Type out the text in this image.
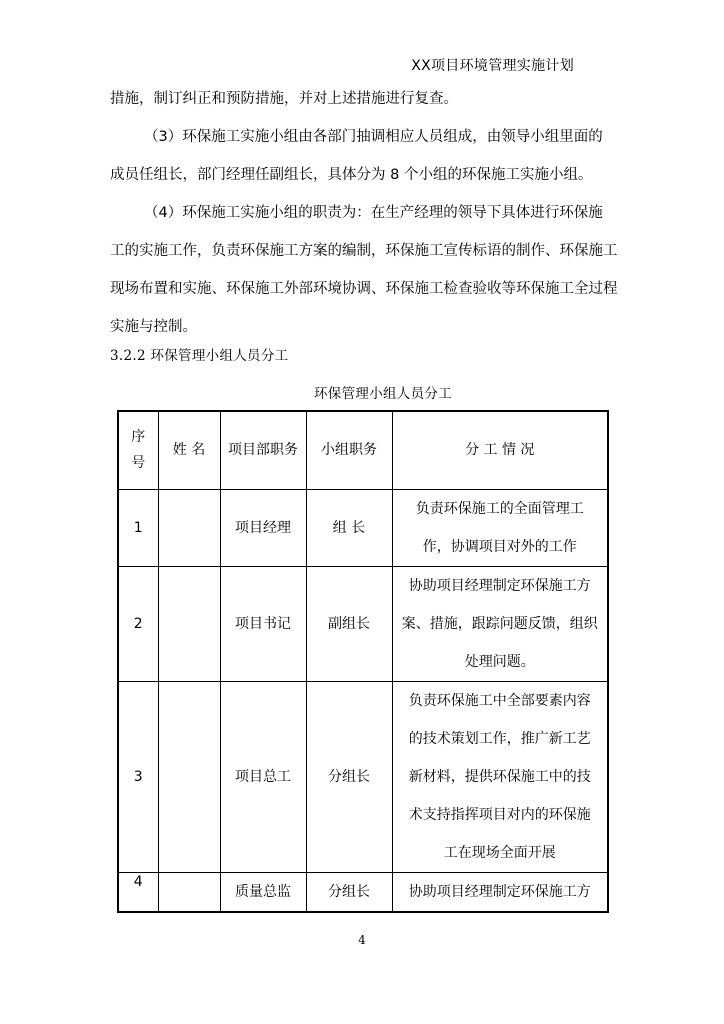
XX项目环境管理实施计划

措施，制订纠正和预防措施，并对上述措施进行复查。

（3）环保施工实施小组由各部门抽调相应人员组成，由领导小组里面的
成员任组长，部门经理任副组长，具体分为 8 个小组的环保施工实施小组。

（4）环保施工实施小组的职责为：在生产经理的领导下具体进行环保施
工的实施工作，负责环保施工方案的编制，环保施工宣传标语的制作、环保施工
现场布置和实施、环保施工外部环境协调、环保施工检查验收等环保施工全过程
实施与控制。

3.2.2 环保管理小组人员分工
环保管理小组人员分工
序
号	姓 名	项目部职务	小组职务	分 工 情 况
1		项目经理	组 长	负责环保施工的全面管理工
作，协调项目对外的工作

2		项目书记	副组长	协助项目经理制定环保施工方
案、措施，跟踪问题反馈，组织
处理问题。

3		项目总工	分组长	负责环保施工中全部要素内容
的技术策划工作，推广新工艺
新材料，提供环保施工中的技
术支持指挥项目对内的环保施
工在现场全面开展

4		质量总监	分组长	协助项目经理制定环保施工方
4
